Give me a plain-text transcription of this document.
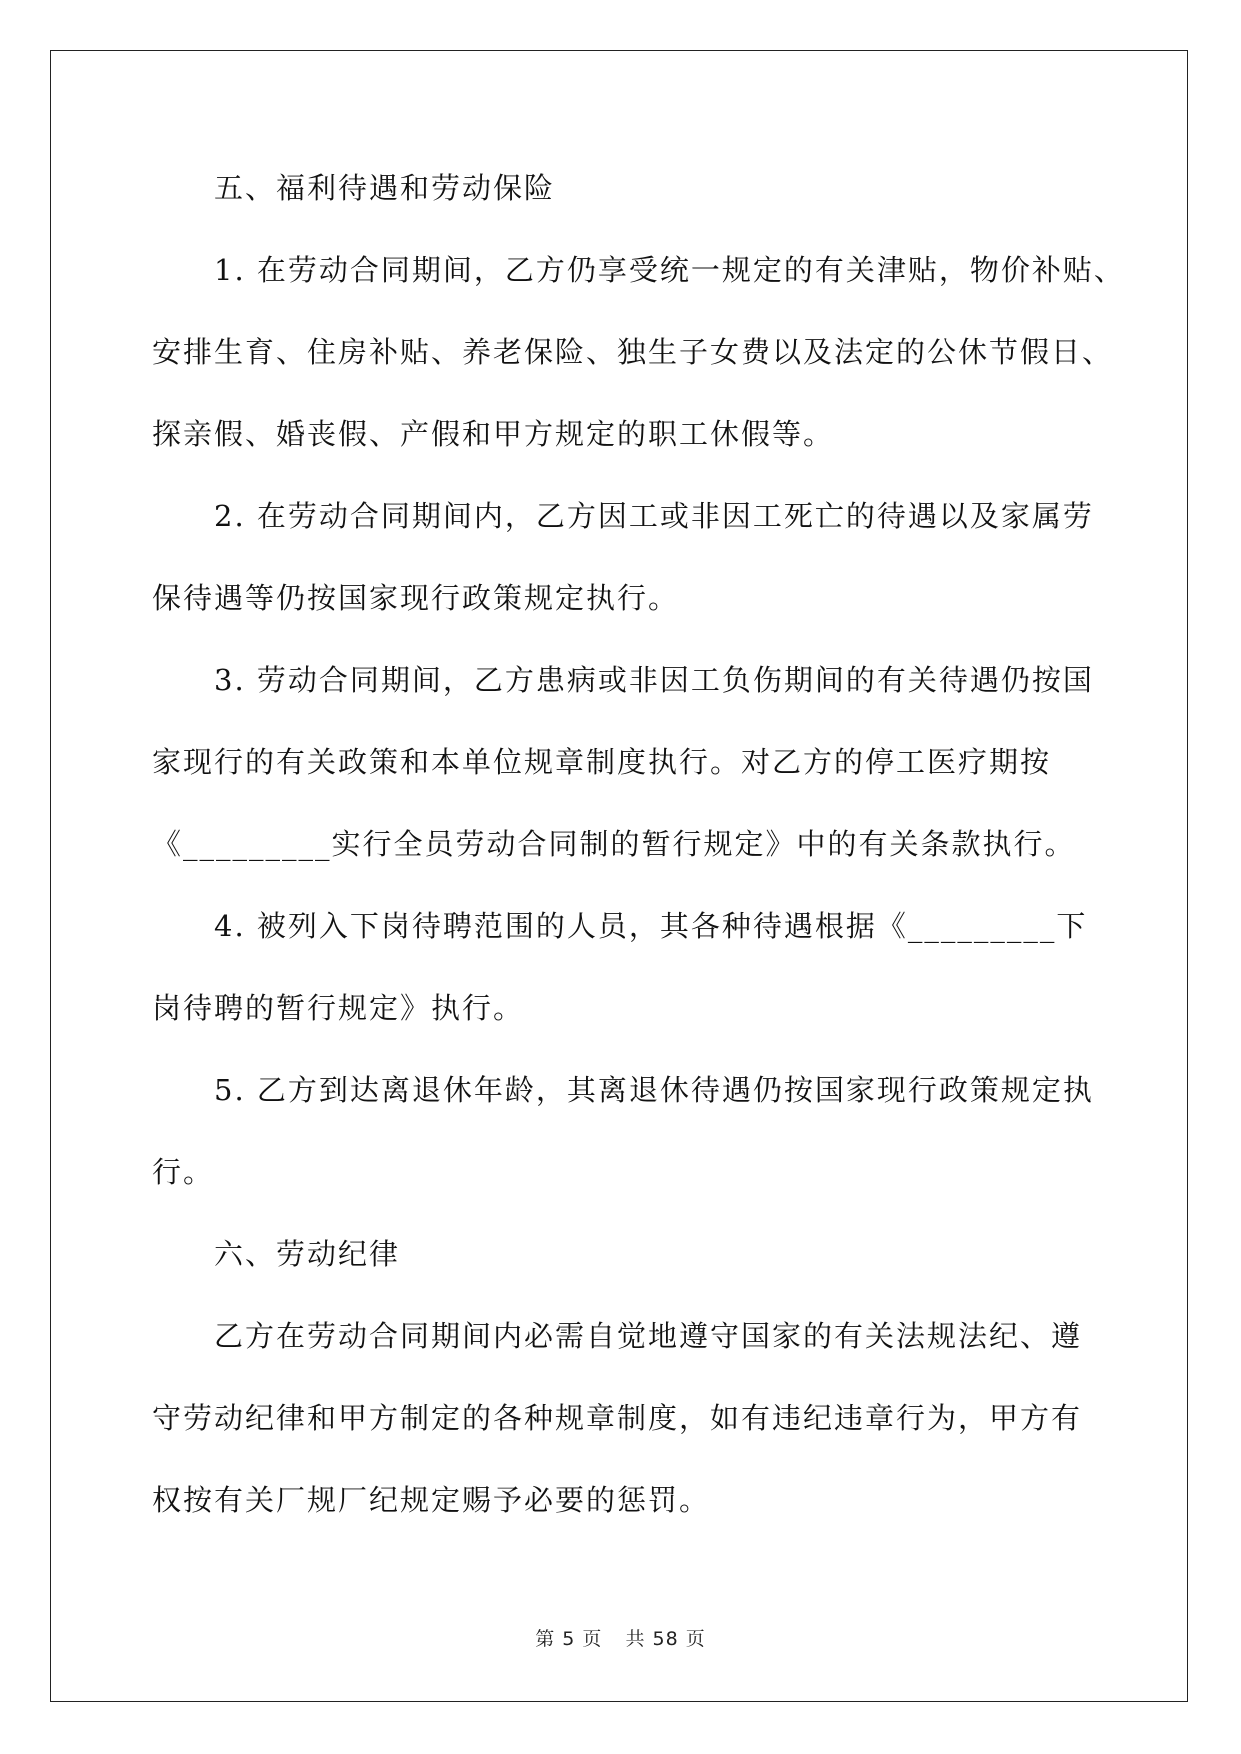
五、福利待遇和劳动保险
1. 在劳动合同期间，乙方仍享受统一规定的有关津贴，物价补贴、
安排生育、住房补贴、养老保险、独生子女费以及法定的公休节假日、
探亲假、婚丧假、产假和甲方规定的职工休假等。
2. 在劳动合同期间内，乙方因工或非因工死亡的待遇以及家属劳
保待遇等仍按国家现行政策规定执行。
3. 劳动合同期间，乙方患病或非因工负伤期间的有关待遇仍按国
家现行的有关政策和本单位规章制度执行。对乙方的停工医疗期按
《_________实行全员劳动合同制的暂行规定》中的有关条款执行。
4. 被列入下岗待聘范围的人员，其各种待遇根据《_________下
岗待聘的暂行规定》执行。
5. 乙方到达离退休年龄，其离退休待遇仍按国家现行政策规定执
行。
六、劳动纪律
乙方在劳动合同期间内必需自觉地遵守国家的有关法规法纪、遵
守劳动纪律和甲方制定的各种规章制度，如有违纪违章行为，甲方有
权按有关厂规厂纪规定赐予必要的惩罚。
第 5 页 共 58 页
